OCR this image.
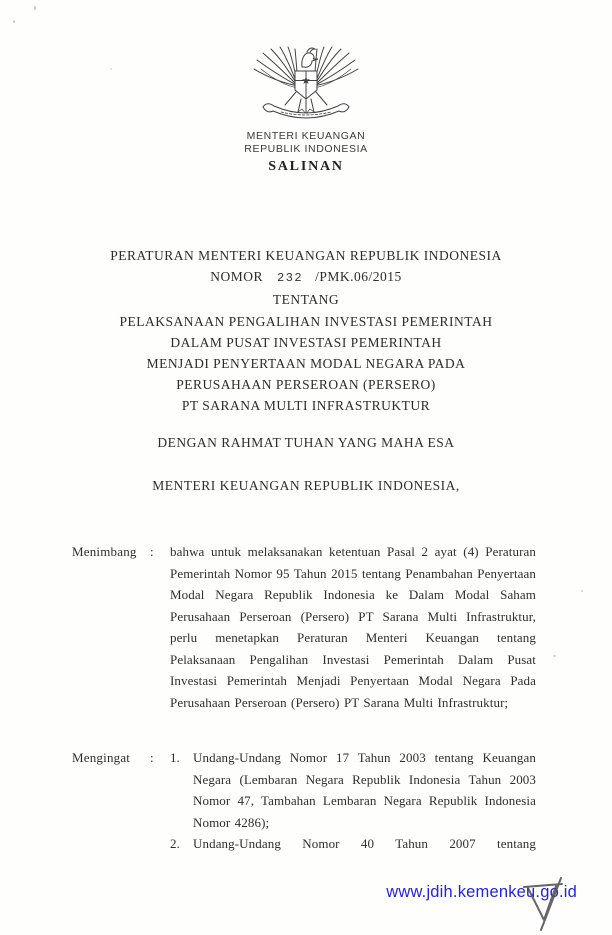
MENTERI KEUANGAN
REPUBLIK INDONESIA
SALINAN
PERATURAN MENTERI KEUANGAN REPUBLIK INDONESIA
NOMOR 232 /PMK.06/2015
TENTANG
PELAKSANAAN PENGALIHAN INVESTASI PEMERINTAH
DALAM PUSAT INVESTASI PEMERINTAH
MENJADI PENYERTAAN MODAL NEGARA PADA
PERUSAHAAN PERSEROAN (PERSERO)
PT SARANA MULTI INFRASTRUKTUR
DENGAN RAHMAT TUHAN YANG MAHA ESA
MENTERI KEUANGAN REPUBLIK INDONESIA,
Menimbang	:	bahwa untuk melaksanakan ketentuan Pasal 2 ayat (4) Peraturan Pemerintah Nomor 95 Tahun 2015 tentang Penambahan Penyertaan Modal Negara Republik Indonesia ke Dalam Modal Saham Perusahaan Perseroan (Persero) PT Sarana Multi Infrastruktur, perlu menetapkan Peraturan Menteri Keuangan tentang Pelaksanaan Pengalihan Investasi Pemerintah Dalam Pusat Investasi Pemerintah Menjadi Penyertaan Modal Negara Pada Perusahaan Perseroan (Persero) PT Sarana Multi Infrastruktur;
Mengingat	:	1.	Undang-Undang Nomor 17 Tahun 2003 tentang Keuangan Negara (Lembaran Negara Republik Indonesia Tahun 2003 Nomor 47, Tambahan Lembaran Negara Republik Indonesia Nomor 4286);
2.	Undang-Undang Nomor 40 Tahun 2007 tentang
www.jdih.kemenkeu.go.id
